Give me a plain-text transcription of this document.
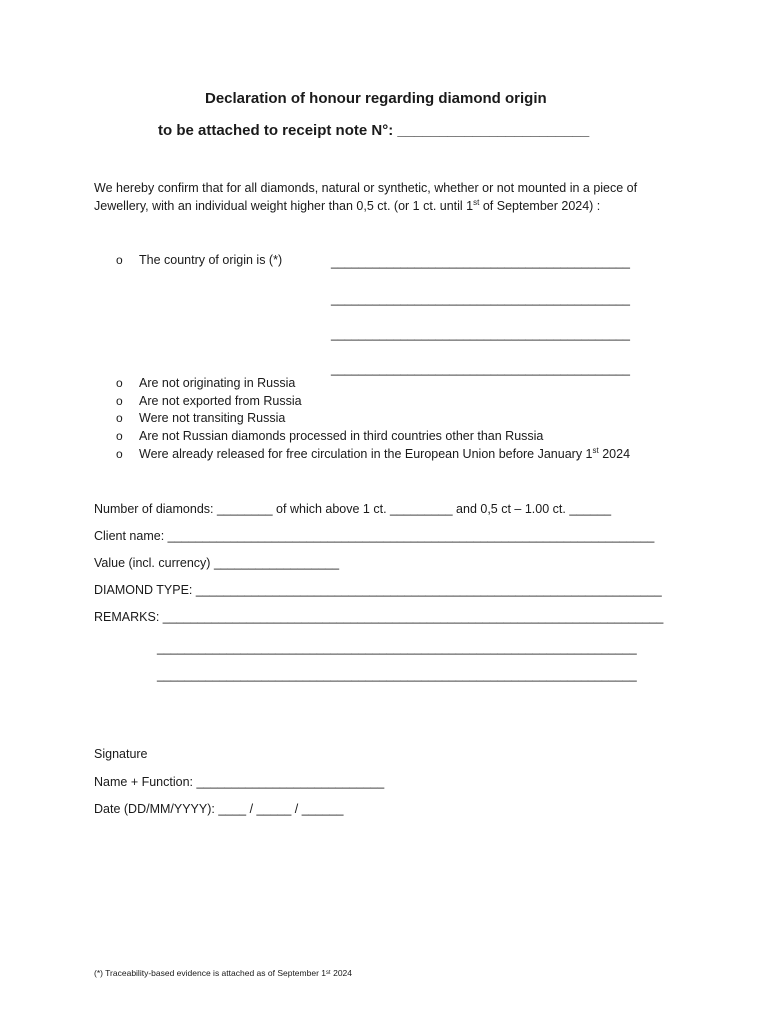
Declaration of honour regarding diamond origin
to be attached to receipt note N°: _______________________
We hereby confirm that for all diamonds, natural or synthetic, whether or not mounted in a piece of
Jewellery, with an individual weight higher than 0,5 ct. (or 1 ct. until 1st of September 2024) :
o The country of origin is (*)	___________________________________________
___________________________________________
___________________________________________
___________________________________________
o Are not originating in Russia
o Are not exported from Russia
o Were not transiting Russia
o Are not Russian diamonds processed in third countries other than Russia
o Were already released for free circulation in the European Union before January 1st 2024
Number of diamonds: ________ of which above 1 ct. _________ and 0,5 ct – 1.00 ct. ______
Client name: ______________________________________________________________________
Value (incl. currency) __________________
DIAMOND TYPE: ___________________________________________________________________
REMARKS: ________________________________________________________________________
_____________________________________________________________________
_____________________________________________________________________
Signature
Name + Function: ___________________________
Date (DD/MM/YYYY): ____ / _____ / ______
(*) Traceability-based evidence is attached as of September 1ˢᵗ 2024
